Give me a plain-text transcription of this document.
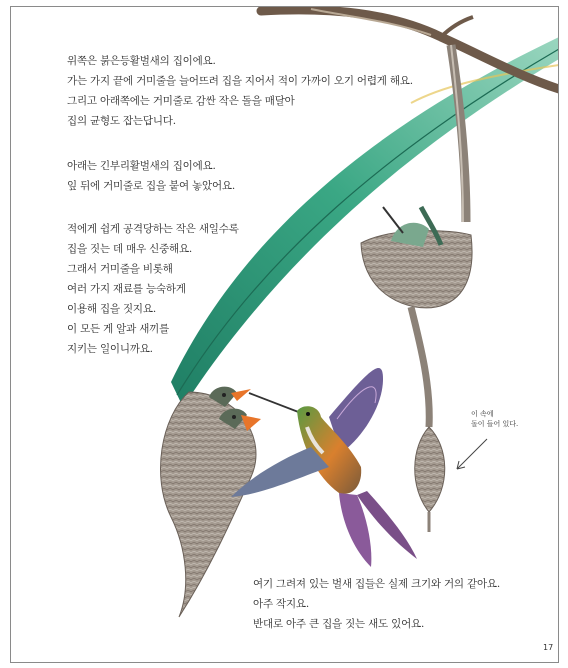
위쪽은 붉은등활벌새의 집이에요.
가는 가지 끝에 거미줄을 늘어뜨려 집을 지어서 적이 가까이 오기 어렵게 해요.
그리고 아래쪽에는 거미줄로 감싼 작은 돌을 매달아
집의 균형도 잡는답니다.
아래는 긴부리활벌새의 집이에요.
잎 뒤에 거미줄로 집을 붙여 놓았어요.
적에게 쉽게 공격당하는 작은 새일수록
집을 짓는 데 매우 신중해요.
그래서 거미줄을 비롯해
여러 가지 재료를 능숙하게
이용해 집을 짓지요.
이 모든 게 알과 새끼를
지키는 일이니까요.
여기 그려져 있는 벌새 집들은 실제 크기와 거의 같아요.
아주 작지요.
반대로 아주 큰 집을 짓는 새도 있어요.
이 속에
돌이 들어 있다.
17
